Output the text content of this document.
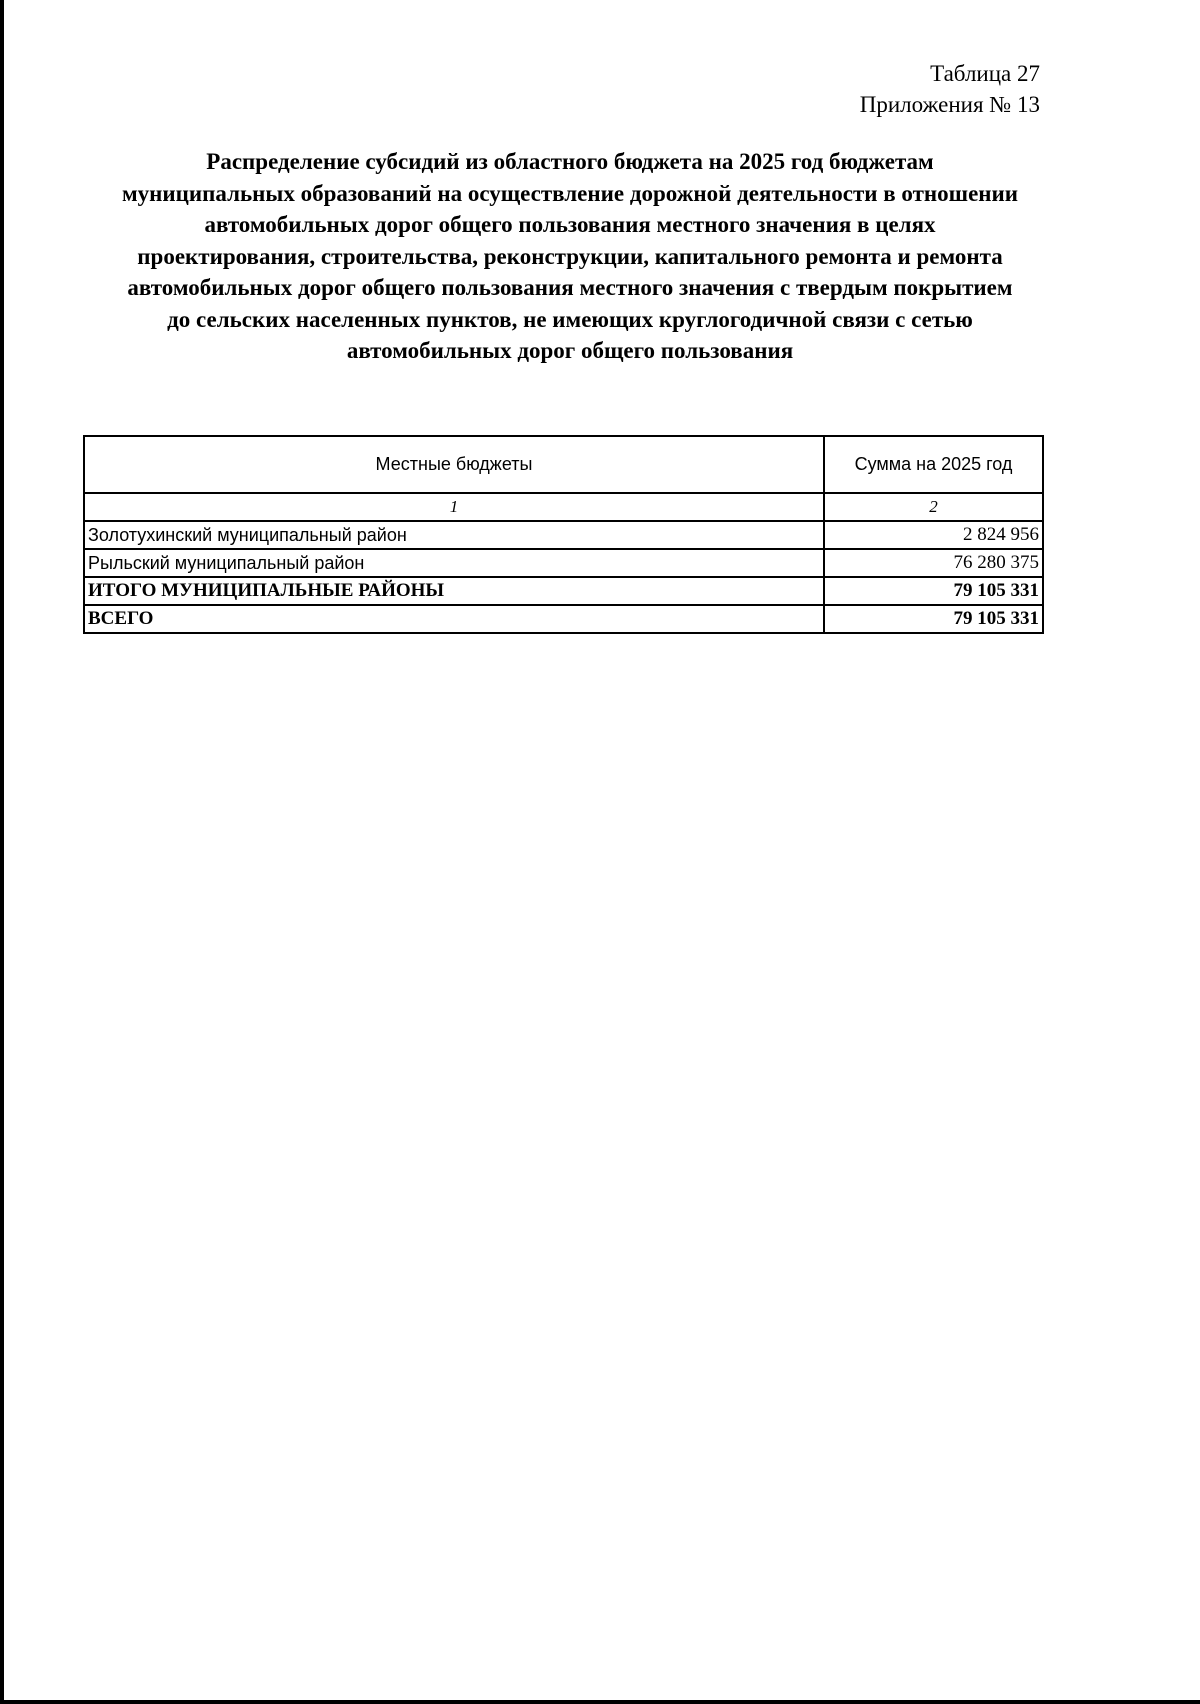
Таблица 27
Приложения № 13
Распределение субсидий из областного бюджета на 2025 год бюджетам
муниципальных образований на осуществление дорожной деятельности в отношении
автомобильных дорог общего пользования местного значения в целях
проектирования, строительства, реконструкции, капитального ремонта и ремонта
автомобильных дорог общего пользования местного значения с твердым покрытием
до сельских населенных пунктов, не имеющих круглогодичной связи с сетью
автомобильных дорог общего пользования
Местные бюджеты	Сумма на 2025 год
1	2
Золотухинский муниципальный район	2 824 956
Рыльский муниципальный район	76 280 375
ИТОГО МУНИЦИПАЛЬНЫЕ РАЙОНЫ	79 105 331
ВСЕГО	79 105 331
